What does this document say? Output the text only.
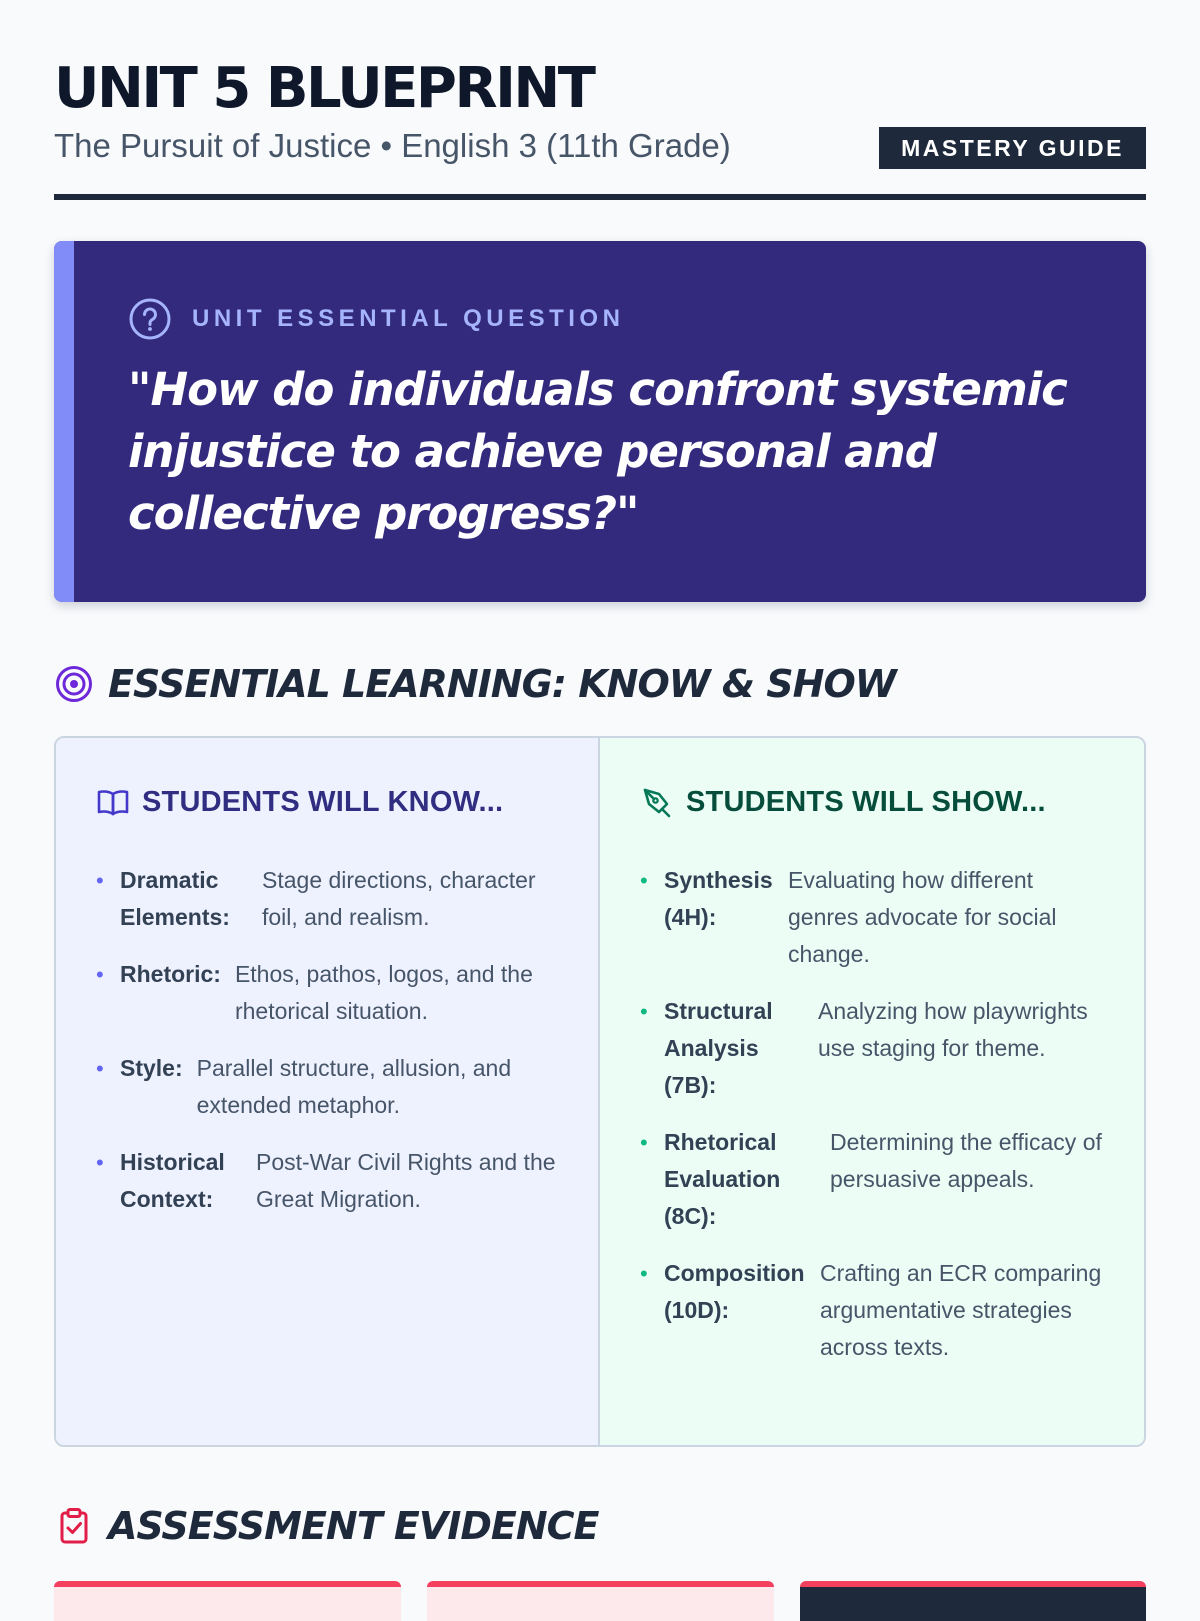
UNIT 5 BLUEPRINT
The Pursuit of Justice • English 3 (11th Grade)	MASTERY GUIDE
UNIT ESSENTIAL QUESTION
"How do individuals confront systemic injustice to achieve personal and collective progress?"
ESSENTIAL LEARNING: KNOW & SHOW
STUDENTS WILL KNOW...
• Dramatic Elements:
Stage directions, character foil, and realism.
• Rhetoric: Ethos, pathos, logos, and the rhetorical situation.
• Style: Parallel structure, allusion, and extended metaphor.
• Historical Context:
Post-War Civil Rights and the Great Migration.
STUDENTS WILL SHOW...
• Synthesis (4H):
Evaluating how different genres advocate for social change.
• Structural Analysis (7B):
Analyzing how playwrights use staging for theme.
• Rhetorical Evaluation (8C):
Determining the efficacy of persuasive appeals.
• Composition (10D):
Crafting an ECR comparing argumentative strategies across texts.
ASSESSMENT EVIDENCE
